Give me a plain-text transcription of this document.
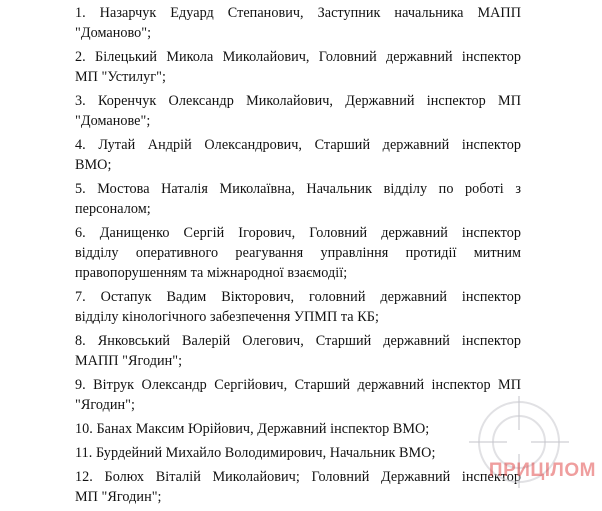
1. Назарчук Едуард Степанович, Заступник начальника МАПП
"Доманово";
2. Білецький Микола Миколайович, Головний державний інспектор
МП "Устилуг";
3. Коренчук Олександр Миколайович, Державний інспектор МП
"Доманове";
4. Лутай Андрій Олександрович, Старший державний інспектор
ВМО;
5. Мостова Наталія Миколаївна, Начальник відділу по роботі з
персоналом;
6. Данищенко Сергій Ігорович, Головний державний інспектор
відділу оперативного реагування управління протидії митним
правопорушенням та міжнародної взаємодії;
7. Остапук Вадим Вікторович, головний державний інспектор
відділу кінологічного забезпечення УПМП та КБ;
8. Янковський Валерій Олегович, Старший державний інспектор
МАПП "Ягодин";
9. Вітрук Олександр Сергійович, Старший державний інспектор МП
"Ягодин";
10. Банах Максим Юрійович, Державний інспектор ВМО;
11. Бурдейний Михайло Володимирович, Начальник ВМО;
12. Болюх Віталій Миколайович; Головний Державний інспектор
МП "Ягодин";
ПРИЦІЛОМ
